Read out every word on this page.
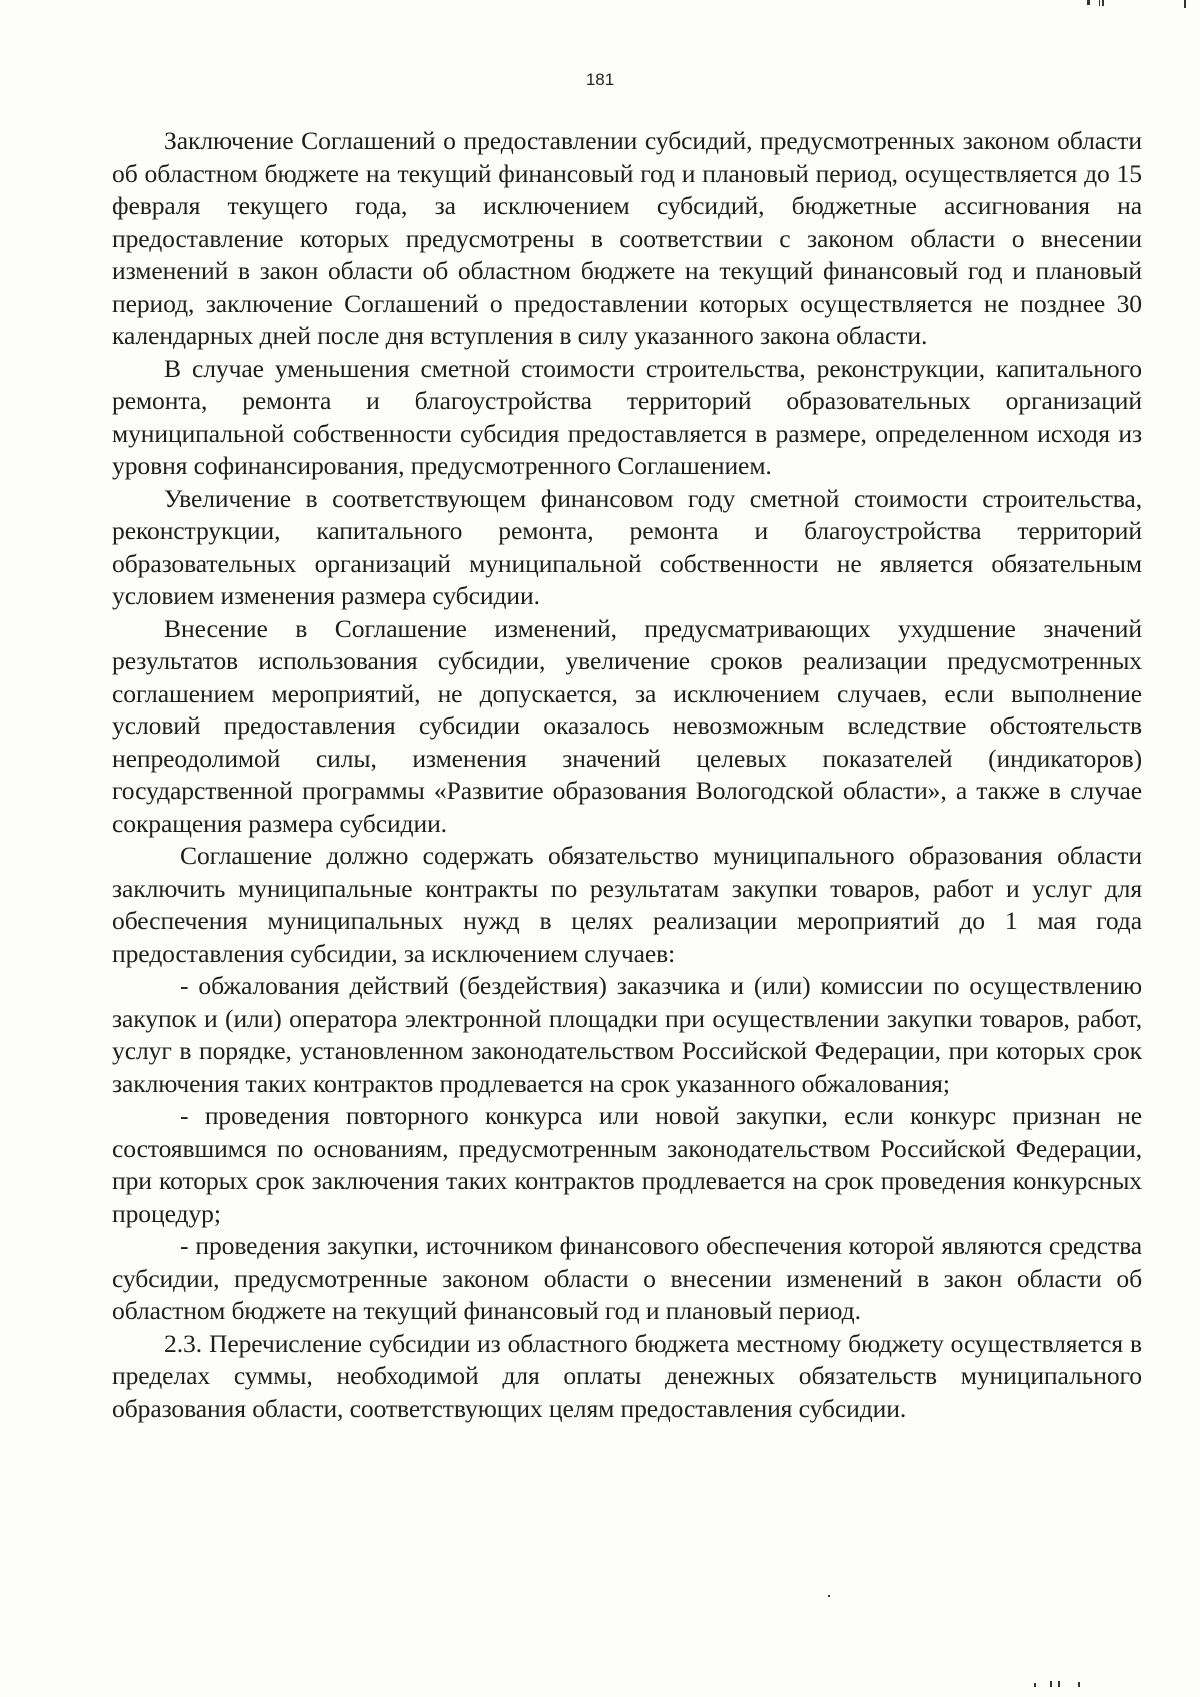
181

Заключение Соглашений о предоставлении субсидий, предусмотренных законом области об областном бюджете на текущий финансовый год и плановый период, осуществляется до 15 февраля текущего года, за исключением субсидий, бюджетные ассигнования на предоставление которых предусмотрены в соответствии с законом области о внесении изменений в закон области об областном бюджете на текущий финансовый год и плановый период, заключение Соглашений о предоставлении которых осуществляется не позднее 30 календарных дней после дня вступления в силу указанного закона области.

В случае уменьшения сметной стоимости строительства, реконструкции, капитального ремонта, ремонта и благоустройства территорий образовательных организаций муниципальной собственности субсидия предоставляется в размере, определенном исходя из уровня софинансирования, предусмотренного Соглашением.

Увеличение в соответствующем финансовом году сметной стоимости строительства, реконструкции, капитального ремонта, ремонта и благоустройства территорий образовательных организаций муниципальной собственности не является обязательным условием изменения размера субсидии.

Внесение в Соглашение изменений, предусматривающих ухудшение значений результатов использования субсидии, увеличение сроков реализации предусмотренных соглашением мероприятий, не допускается, за исключением случаев, если выполнение условий предоставления субсидии оказалось невозможным вследствие обстоятельств непреодолимой силы, изменения значений целевых показателей (индикаторов) государственной программы «Развитие образования Вологодской области», а также в случае сокращения размера субсидии.

Соглашение должно содержать обязательство муниципального образования области заключить муниципальные контракты по результатам закупки товаров, работ и услуг для обеспечения муниципальных нужд в целях реализации мероприятий до 1 мая года предоставления субсидии, за исключением случаев:

- обжалования действий (бездействия) заказчика и (или) комиссии по осуществлению закупок и (или) оператора электронной площадки при осуществлении закупки товаров, работ, услуг в порядке, установленном законодательством Российской Федерации, при которых срок заключения таких контрактов продлевается на срок указанного обжалования;

- проведения повторного конкурса или новой закупки, если конкурс признан не состоявшимся по основаниям, предусмотренным законодательством Российской Федерации, при которых срок заключения таких контрактов продлевается на срок проведения конкурсных процедур;

- проведения закупки, источником финансового обеспечения которой являются средства субсидии, предусмотренные законом области о внесении изменений в закон области об областном бюджете на текущий финансовый год и плановый период.

2.3. Перечисление субсидии из областного бюджета местному бюджету осуществляется в пределах суммы, необходимой для оплаты денежных обязательств муниципального образования области, соответствующих целям предоставления субсидии.
